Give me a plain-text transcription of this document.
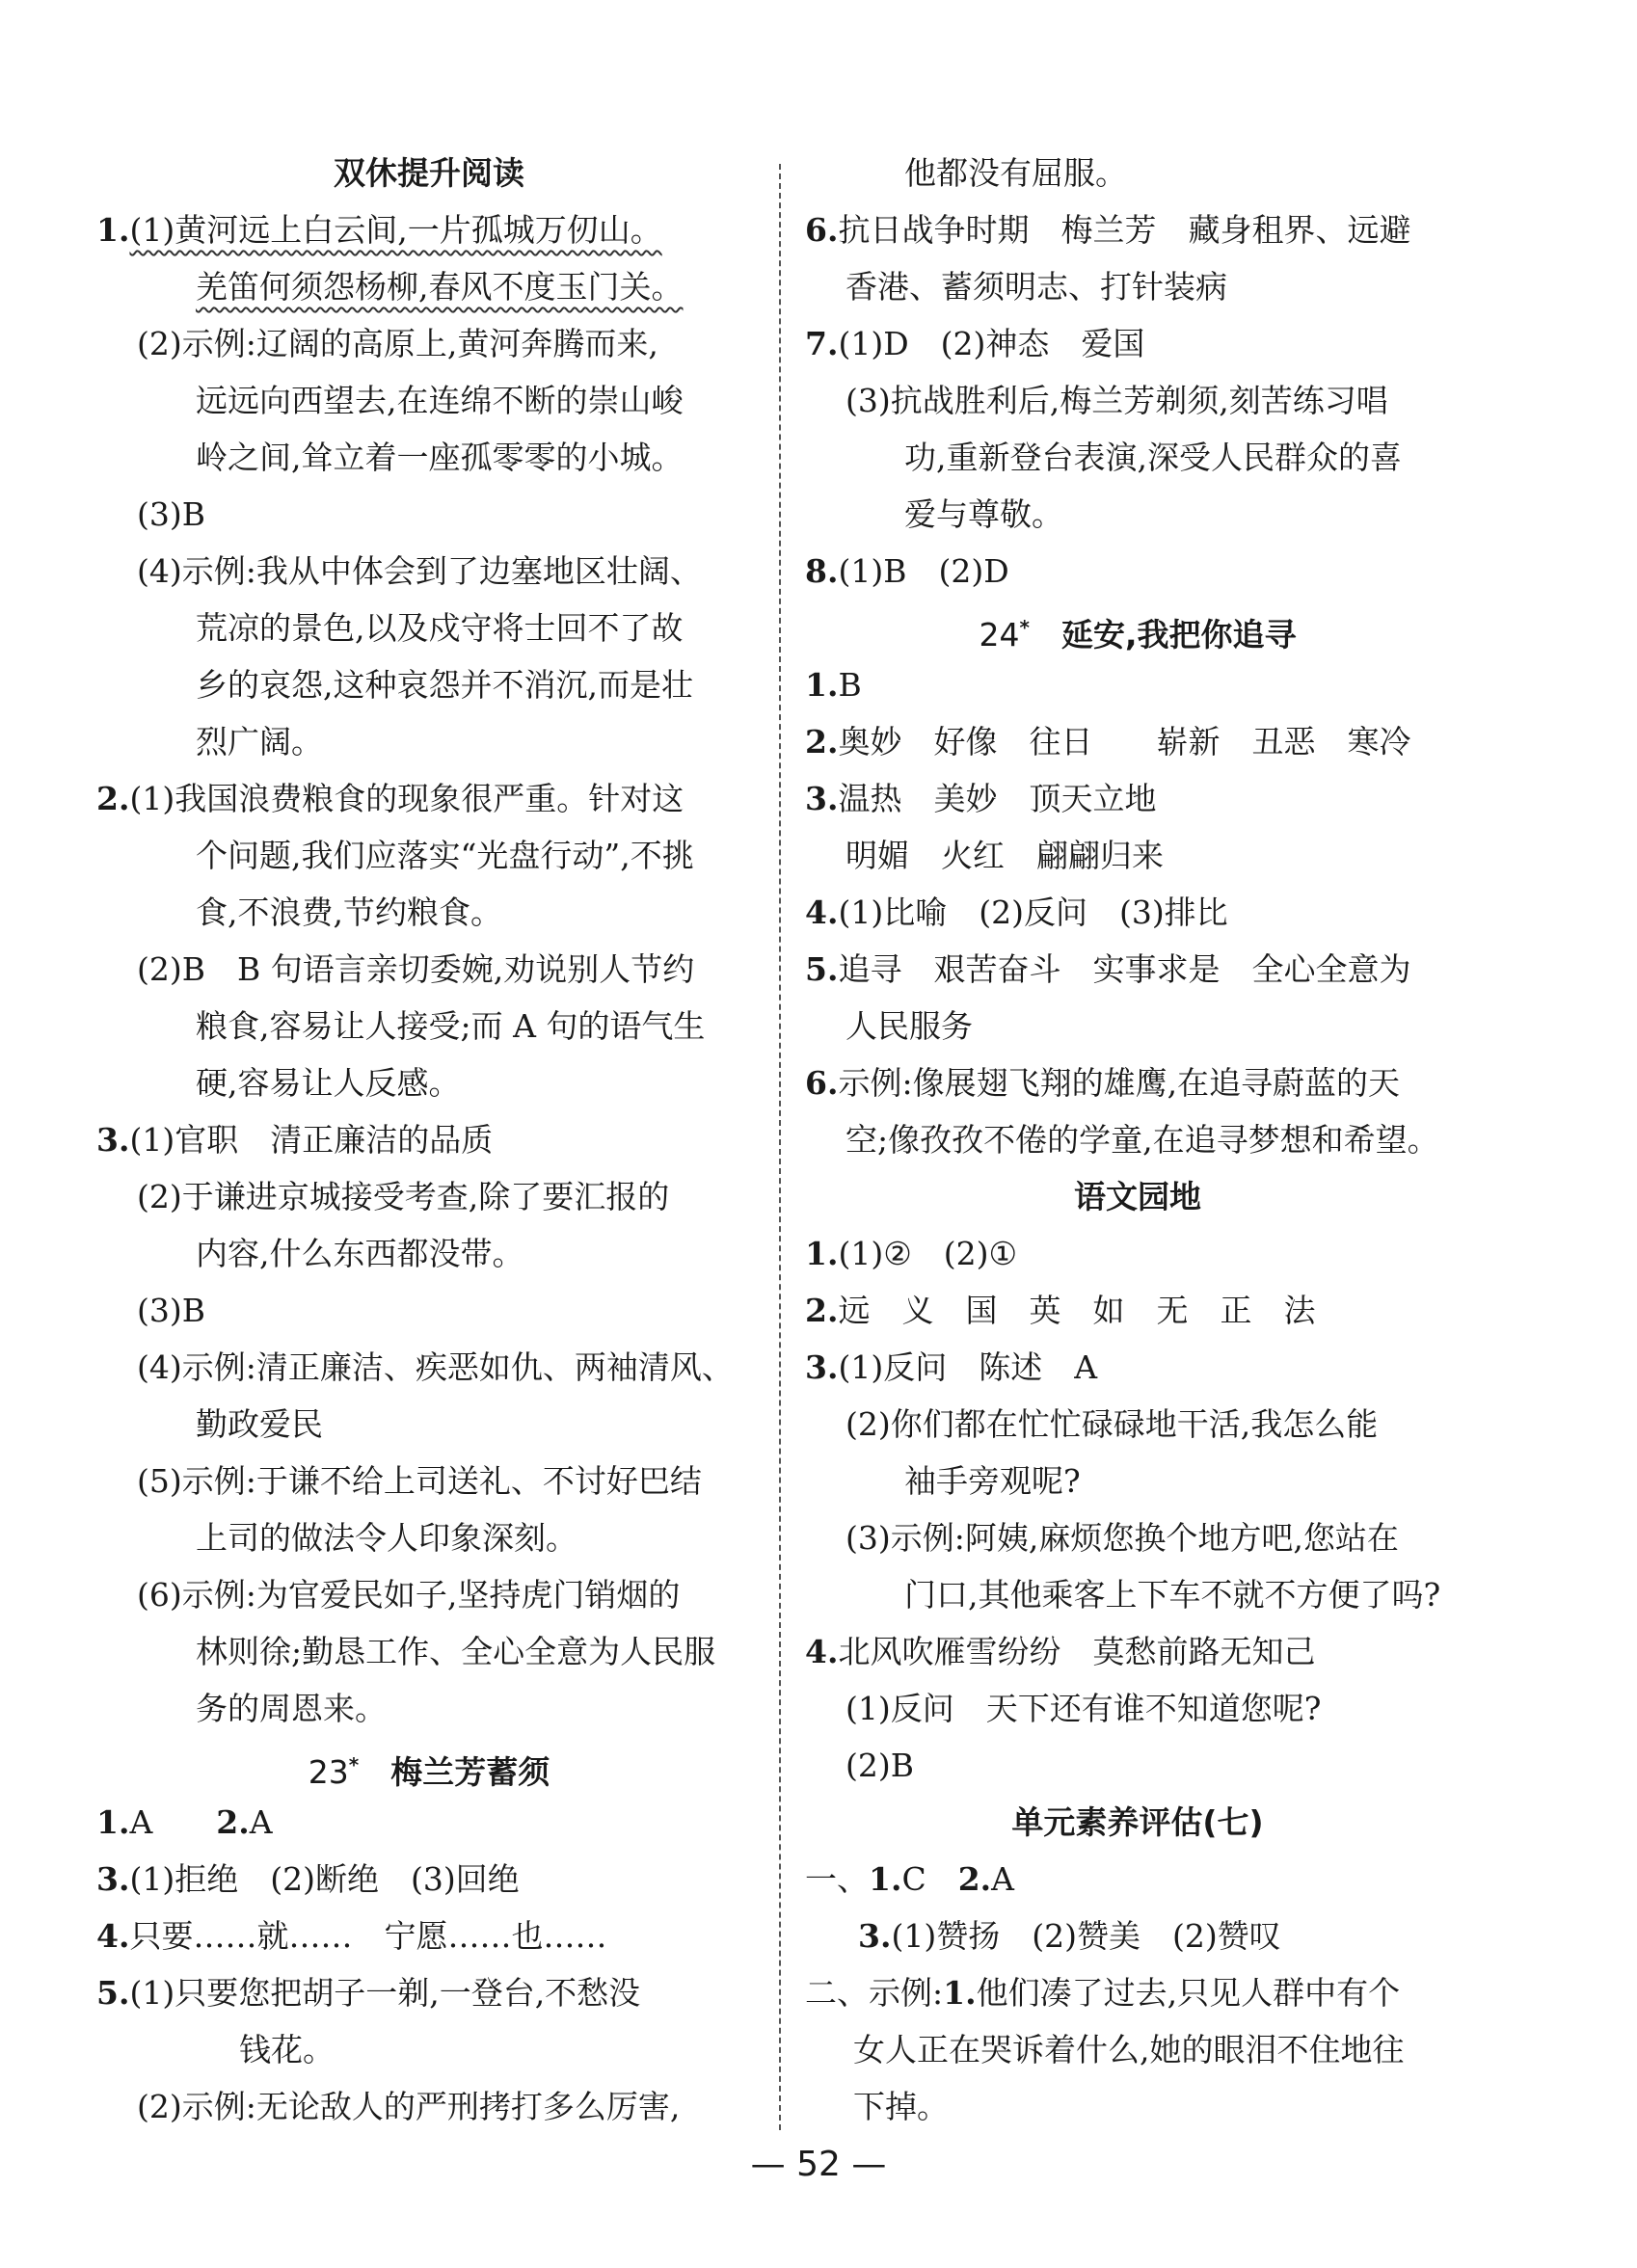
双休提升阅读
1.(1)黄河远上白云间,一片孤城万仞山。
羌笛何须怨杨柳,春风不度玉门关。
(2)示例:辽阔的高原上,黄河奔腾而来,
远远向西望去,在连绵不断的崇山峻
岭之间,耸立着一座孤零零的小城。
(3)B
(4)示例:我从中体会到了边塞地区壮阔、
荒凉的景色,以及戍守将士回不了故
乡的哀怨,这种哀怨并不消沉,而是壮
烈广阔。
2.(1)我国浪费粮食的现象很严重。针对这
个问题,我们应落实“光盘行动”,不挑
食,不浪费,节约粮食。
(2)B　B 句语言亲切委婉,劝说别人节约
粮食,容易让人接受;而 A 句的语气生
硬,容易让人反感。
3.(1)官职　清正廉洁的品质
(2)于谦进京城接受考查,除了要汇报的
内容,什么东西都没带。
(3)B
(4)示例:清正廉洁、疾恶如仇、两袖清风、
勤政爱民
(5)示例:于谦不给上司送礼、不讨好巴结
上司的做法令人印象深刻。
(6)示例:为官爱民如子,坚持虎门销烟的
林则徐;勤恳工作、全心全意为人民服
务的周恩来。
23*　 梅兰芳蓄须
1.A　　 2.A
3.(1)拒绝　(2)断绝　(3)回绝
4.只要……就……　宁愿……也……
5.(1)只要您把胡子一剃,一登台,不愁没
钱花。
(2)示例:无论敌人的严刑拷打多么厉害,
他都没有屈服。
6.抗日战争时期　梅兰芳　藏身租界、远避
香港、蓄须明志、打针装病
7.(1)D　(2)神态　爱国
(3)抗战胜利后,梅兰芳剃须,刻苦练习唱
功,重新登台表演,深受人民群众的喜
爱与尊敬。
8.(1)B　(2)D
24*　 延安,我把你追寻
1.B
2.奥妙　好像　往日　　崭新　丑恶　寒冷
3.温热　美妙　顶天立地
明媚　火红　翩翩归来
4.(1)比喻　(2)反问　(3)排比
5.追寻　艰苦奋斗　实事求是　全心全意为
人民服务
6.示例:像展翅飞翔的雄鹰,在追寻蔚蓝的天
空;像孜孜不倦的学童,在追寻梦想和希望。
语文园地
1.(1)②　(2)①
2.远　义　国　英　如　无　正　法
3.(1)反问　陈述　A
(2)你们都在忙忙碌碌地干活,我怎么能
袖手旁观呢?
(3)示例:阿姨,麻烦您换个地方吧,您站在
门口,其他乘客上下车不就不方便了吗?
4.北风吹雁雪纷纷　莫愁前路无知己
(1)反问　天下还有谁不知道您呢?
(2)B
单元素养评估(七)
一、1.C　2.A
3.(1)赞扬　(2)赞美　(2)赞叹
二、示例:1.他们凑了过去,只见人群中有个
女人正在哭诉着什么,她的眼泪不住地往
下掉。
— 52 —
